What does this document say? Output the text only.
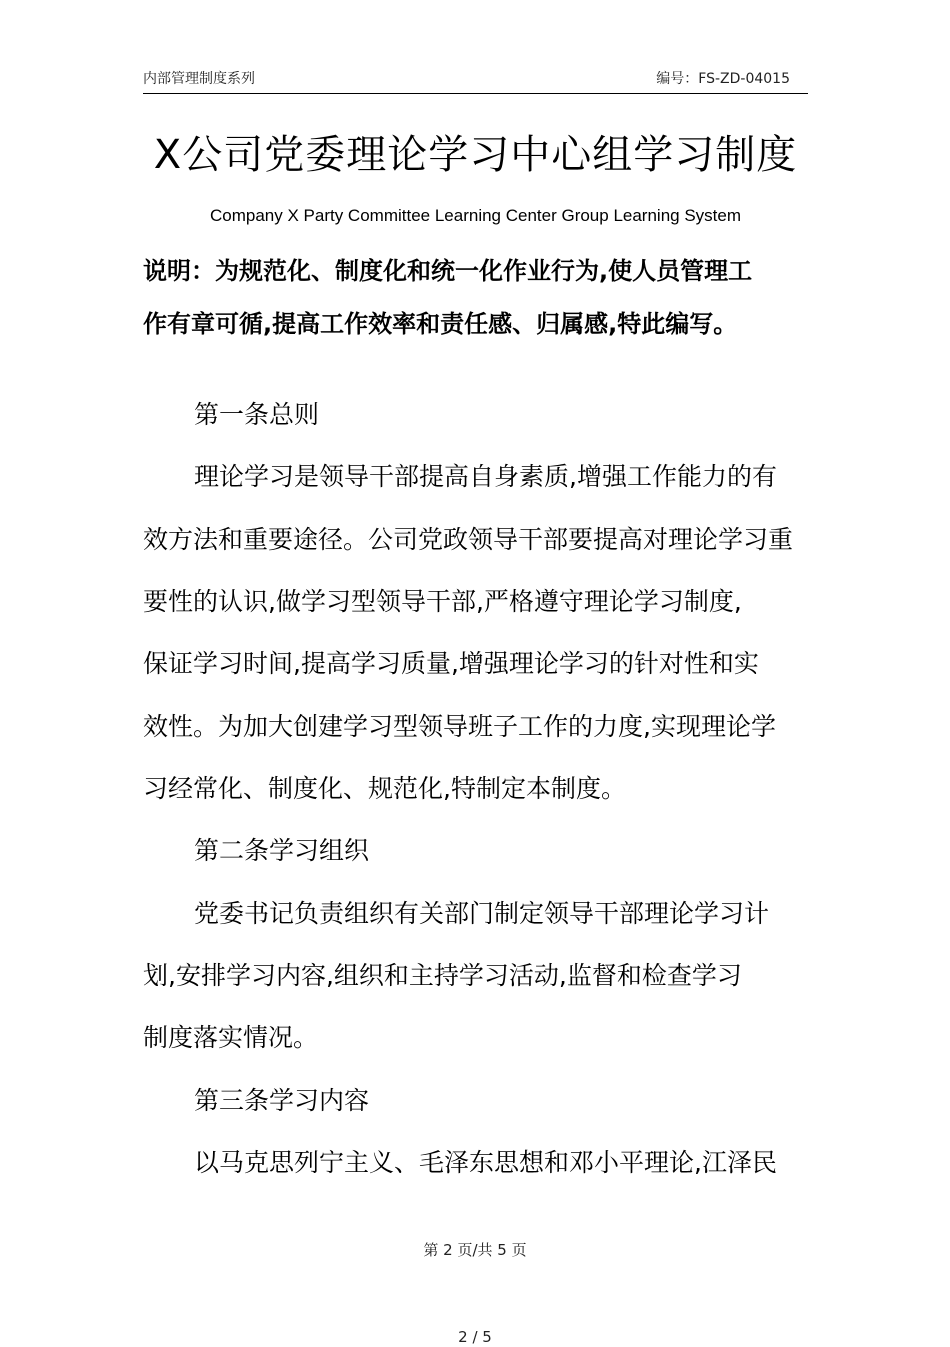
内部管理制度系列	编号：FS-ZD-04015
X公司党委理论学习中心组学习制度
Company X Party Committee Learning Center Group Learning System
说明：为规范化、制度化和统一化作业行为,使人员管理工
作有章可循,提高工作效率和责任感、归属感,特此编写。
第一条总则
理论学习是领导干部提高自身素质,增强工作能力的有
效方法和重要途径。公司党政领导干部要提高对理论学习重
要性的认识,做学习型领导干部,严格遵守理论学习制度,
保证学习时间,提高学习质量,增强理论学习的针对性和实
效性。为加大创建学习型领导班子工作的力度,实现理论学
习经常化、制度化、规范化,特制定本制度。
第二条学习组织
党委书记负责组织有关部门制定领导干部理论学习计
划,安排学习内容,组织和主持学习活动,监督和检查学习
制度落实情况。
第三条学习内容
以马克思列宁主义、毛泽东思想和邓小平理论,江泽民
第 2 页/共 5 页
2 / 5
